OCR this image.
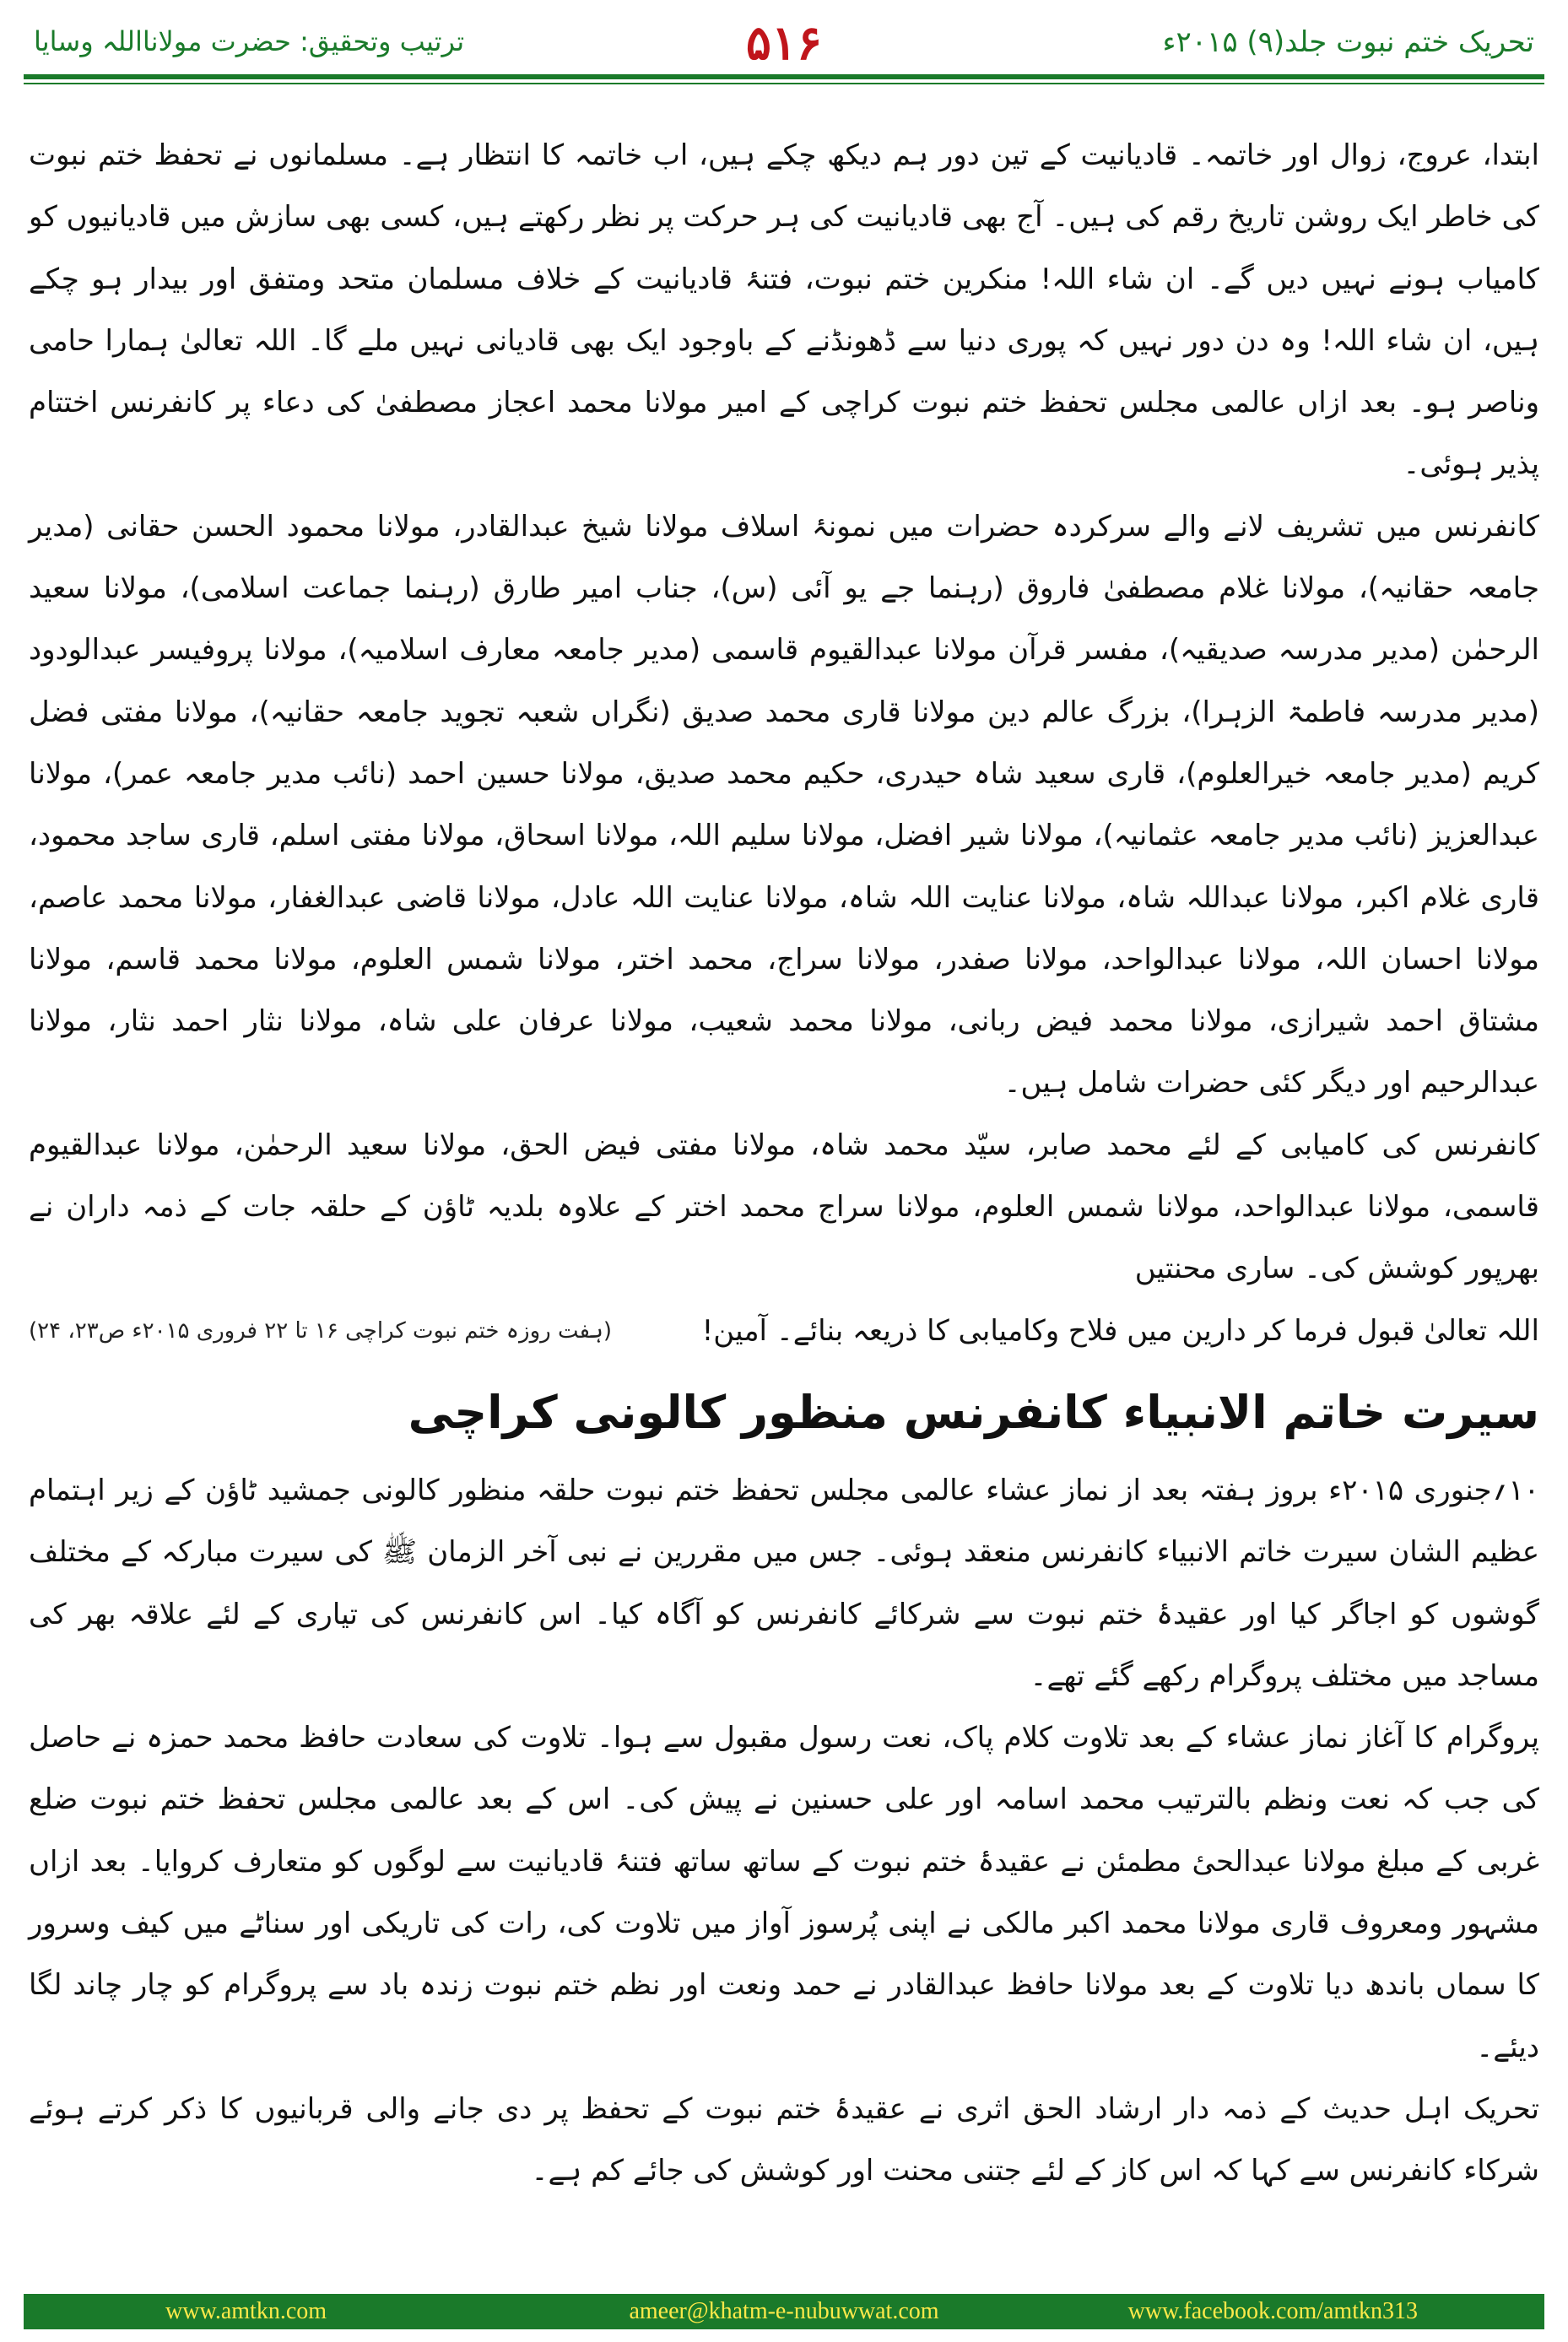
تحریک ختم نبوت جلد(۹) ۲۰۱۵ء
۵۱۶
ترتیب وتحقیق: حضرت مولانااللہ وسایا

ابتدا، عروج، زوال اور خاتمہ۔ قادیانیت کے تین دور ہم دیکھ چکے ہیں، اب خاتمہ کا انتظار ہے۔ مسلمانوں نے تحفظ ختم نبوت کی خاطر ایک روشن تاریخ رقم کی ہیں۔ آج بھی قادیانیت کی ہر حرکت پر نظر رکھتے ہیں، کسی بھی سازش میں قادیانیوں کو کامیاب ہونے نہیں دیں گے۔ ان شاء اللہ! منکرین ختم نبوت، فتنۂ قادیانیت کے خلاف مسلمان متحد ومتفق اور بیدار ہو چکے ہیں، ان شاء اللہ! وہ دن دور نہیں کہ پوری دنیا سے ڈھونڈنے کے باوجود ایک بھی قادیانی نہیں ملے گا۔ اللہ تعالیٰ ہمارا حامی وناصر ہو۔ بعد ازاں عالمی مجلس تحفظ ختم نبوت کراچی کے امیر مولانا محمد اعجاز مصطفیٰ کی دعاء پر کانفرنس اختتام پذیر ہوئی۔

کانفرنس میں تشریف لانے والے سرکردہ حضرات میں نمونۂ اسلاف مولانا شیخ عبدالقادر، مولانا محمود الحسن حقانی (مدیر جامعہ حقانیہ)، مولانا غلام مصطفیٰ فاروق (رہنما جے یو آئی (س)، جناب امیر طارق (رہنما جماعت اسلامی)، مولانا سعید الرحمٰن (مدیر مدرسہ صدیقیہ)، مفسر قرآن مولانا عبدالقیوم قاسمی (مدیر جامعہ معارف اسلامیہ)، مولانا پروفیسر عبدالودود (مدیر مدرسہ فاطمۃ الزہرا)، بزرگ عالم دین مولانا قاری محمد صدیق (نگراں شعبہ تجوید جامعہ حقانیہ)، مولانا مفتی فضل کریم (مدیر جامعہ خیرالعلوم)، قاری سعید شاہ حیدری، حکیم محمد صدیق، مولانا حسین احمد (نائب مدیر جامعہ عمر)، مولانا عبدالعزیز (نائب مدیر جامعہ عثمانیہ)، مولانا شیر افضل، مولانا سلیم اللہ، مولانا اسحاق، مولانا مفتی اسلم، قاری ساجد محمود، قاری غلام اکبر، مولانا عبداللہ شاہ، مولانا عنایت اللہ شاہ، مولانا عنایت اللہ عادل، مولانا قاضی عبدالغفار، مولانا محمد عاصم، مولانا احسان اللہ، مولانا عبدالواحد، مولانا صفدر، مولانا سراج، محمد اختر، مولانا شمس العلوم، مولانا محمد قاسم، مولانا مشتاق احمد شیرازی، مولانا محمد فیض ربانی، مولانا محمد شعیب، مولانا عرفان علی شاہ، مولانا نثار احمد نثار، مولانا عبدالرحیم اور دیگر کئی حضرات شامل ہیں۔

کانفرنس کی کامیابی کے لئے محمد صابر، سیّد محمد شاہ، مولانا مفتی فیض الحق، مولانا سعید الرحمٰن، مولانا عبدالقیوم قاسمی، مولانا عبدالواحد، مولانا شمس العلوم، مولانا سراج محمد اختر کے علاوہ بلدیہ ٹاؤن کے حلقہ جات کے ذمہ داران نے بھرپور کوشش کی۔ ساری محنتیں

اللہ تعالیٰ قبول فرما کر دارین میں فلاح وکامیابی کا ذریعہ بنائے۔ آمین!
(ہفت روزہ ختم نبوت کراچی ۱۶ تا ۲۲ فروری ۲۰۱۵ء ص۲۳، ۲۴)
سیرت خاتم الانبیاء کانفرنس منظور کالونی کراچی

۱۰؍جنوری ۲۰۱۵ء بروز ہفتہ بعد از نماز عشاء عالمی مجلس تحفظ ختم نبوت حلقہ منظور کالونی جمشید ٹاؤن کے زیر اہتمام عظیم الشان سیرت خاتم الانبیاء کانفرنس منعقد ہوئی۔ جس میں مقررین نے نبی آخر الزمان ﷺ کی سیرت مبارکہ کے مختلف گوشوں کو اجاگر کیا اور عقیدۂ ختم نبوت سے شرکائے کانفرنس کو آگاہ کیا۔ اس کانفرنس کی تیاری کے لئے علاقہ بھر کی مساجد میں مختلف پروگرام رکھے گئے تھے۔

پروگرام کا آغاز نماز عشاء کے بعد تلاوت کلام پاک، نعت رسول مقبول سے ہوا۔ تلاوت کی سعادت حافظ محمد حمزہ نے حاصل کی جب کہ نعت ونظم بالترتیب محمد اسامہ اور علی حسنین نے پیش کی۔ اس کے بعد عالمی مجلس تحفظ ختم نبوت ضلع غربی کے مبلغ مولانا عبدالحیٔ مطمئن نے عقیدۂ ختم نبوت کے ساتھ ساتھ فتنۂ قادیانیت سے لوگوں کو متعارف کروایا۔ بعد ازاں مشہور ومعروف قاری مولانا محمد اکبر مالکی نے اپنی پُرسوز آواز میں تلاوت کی، رات کی تاریکی اور سناٹے میں کیف وسرور کا سماں باندھ دیا تلاوت کے بعد مولانا حافظ عبدالقادر نے حمد ونعت اور نظم ختم نبوت زندہ باد سے پروگرام کو چار چاند لگا دیئے۔

تحریک اہل حدیث کے ذمہ دار ارشاد الحق اثری نے عقیدۂ ختم نبوت کے تحفظ پر دی جانے والی قربانیوں کا ذکر کرتے ہوئے شرکاء کانفرنس سے کہا کہ اس کاز کے لئے جتنی محنت اور کوشش کی جائے کم ہے۔

www.amtkn.com	ameer@khatm-e-nubuwwat.com	www.facebook.com/amtkn313
